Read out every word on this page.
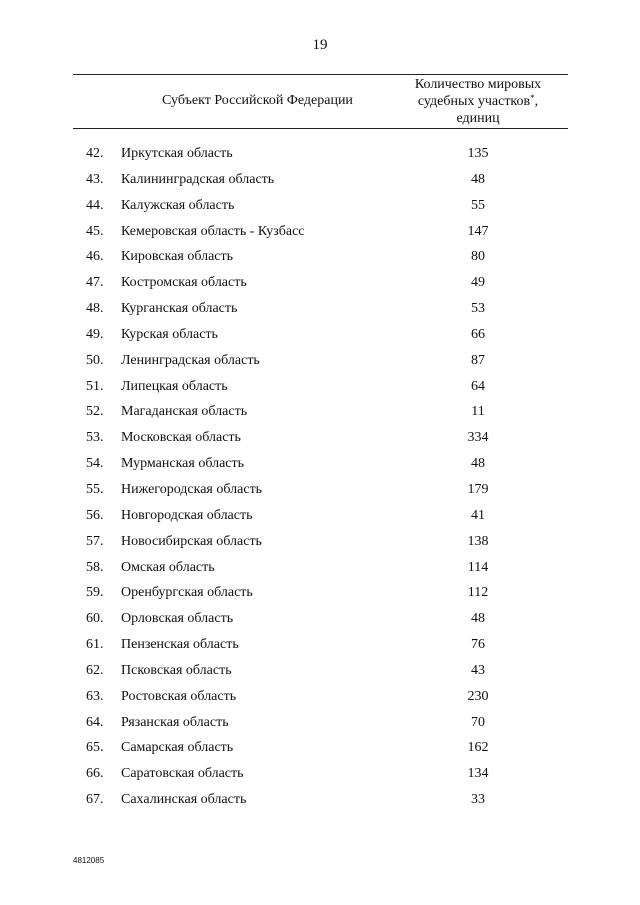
19
Субъект Российской Федерации
Количество мировых
судебных участков*,
единиц
42.	Иркутская область	135
43.	Калининградская область	48
44.	Калужская область	55
45.	Кемеровская область - Кузбасс	147
46.	Кировская область	80
47.	Костромская область	49
48.	Курганская область	53
49.	Курская область	66
50.	Ленинградская область	87
51.	Липецкая область	64
52.	Магаданская область	11
53.	Московская область	334
54.	Мурманская область	48
55.	Нижегородская область	179
56.	Новгородская область	41
57.	Новосибирская область	138
58.	Омская область	114
59.	Оренбургская область	112
60.	Орловская область	48
61.	Пензенская область	76
62.	Псковская область	43
63.	Ростовская область	230
64.	Рязанская область	70
65.	Самарская область	162
66.	Саратовская область	134
67.	Сахалинская область	33
4812085
